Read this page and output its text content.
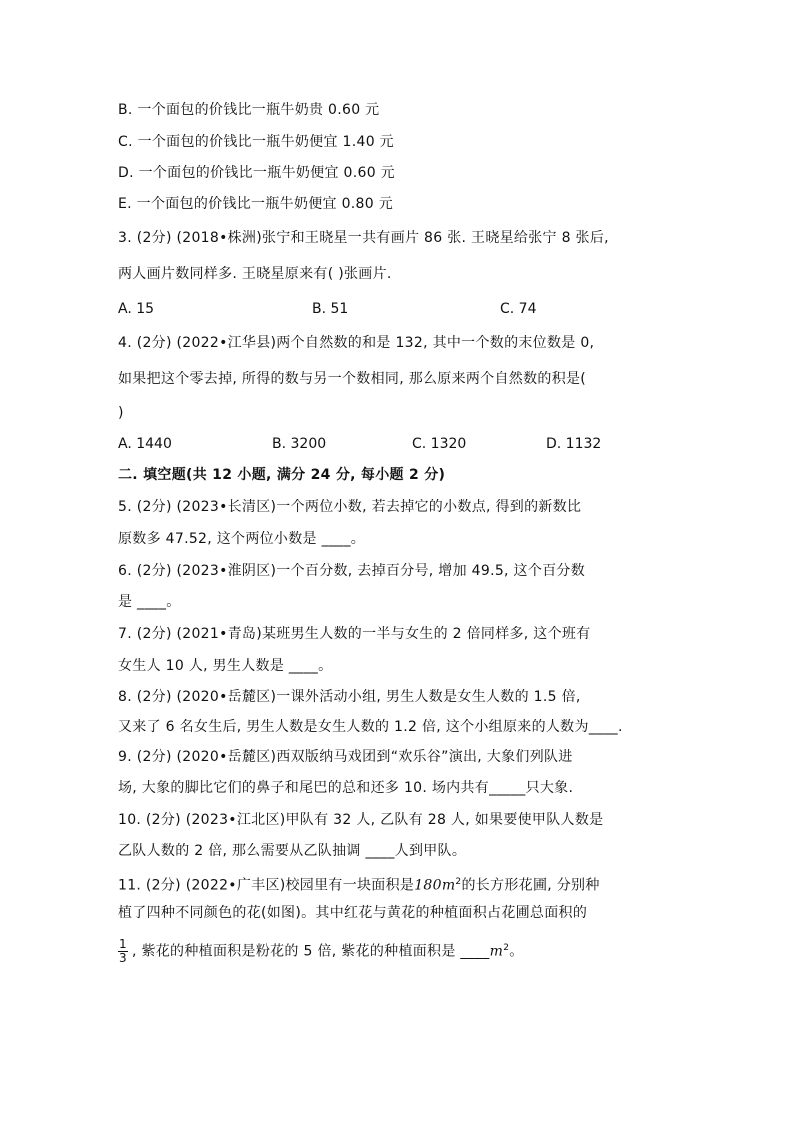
B. 一个面包的价钱比一瓶牛奶贵 0.60 元
C. 一个面包的价钱比一瓶牛奶便宜 1.40 元
D. 一个面包的价钱比一瓶牛奶便宜 0.60 元
E. 一个面包的价钱比一瓶牛奶便宜 0.80 元
3. (2分) (2018•株洲)张宁和王晓星一共有画片 86 张. 王晓星给张宁 8 张后,
两人画片数同样多. 王晓星原来有( )张画片.
A. 15	B. 51	C. 74
4. (2分) (2022•江华县)两个自然数的和是 132, 其中一个数的末位数是 0,
如果把这个零去掉, 所得的数与另一个数相同, 那么原来两个自然数的积是(
)
A. 1440	B. 3200	C. 1320	D. 1132
二. 填空题(共 12 小题, 满分 24 分, 每小题 2 分)
5. (2分) (2023•长清区)一个两位小数, 若去掉它的小数点, 得到的新数比
原数多 47.52, 这个两位小数是 ____。
6. (2分) (2023•淮阴区)一个百分数, 去掉百分号, 增加 49.5, 这个百分数
是 ____。
7. (2分) (2021•青岛)某班男生人数的一半与女生的 2 倍同样多, 这个班有
女生人 10 人, 男生人数是 ____。
8. (2分) (2020•岳麓区)一课外活动小组, 男生人数是女生人数的 1.5 倍,
又来了 6 名女生后, 男生人数是女生人数的 1.2 倍, 这个小组原来的人数为____.
9. (2分) (2020•岳麓区)西双版纳马戏团到“欢乐谷”演出, 大象们列队进
场, 大象的脚比它们的鼻子和尾巴的总和还多 10. 场内共有_____只大象.
10. (2分) (2023•江北区)甲队有 32 人, 乙队有 28 人, 如果要使甲队人数是
乙队人数的 2 倍, 那么需要从乙队抽调 ____人到甲队。
11. (2分) (2022•广丰区)校园里有一块面积是$180m^2$的长方形花圃, 分别种
植了四种不同颜色的花(如图)。其中红花与黄花的种植面积占花圃总面积的
$\frac{1}{3}$ , 紫花的种植面积是粉花的 5 倍, 紫花的种植面积是 $\_\_\_\_m^2$。
